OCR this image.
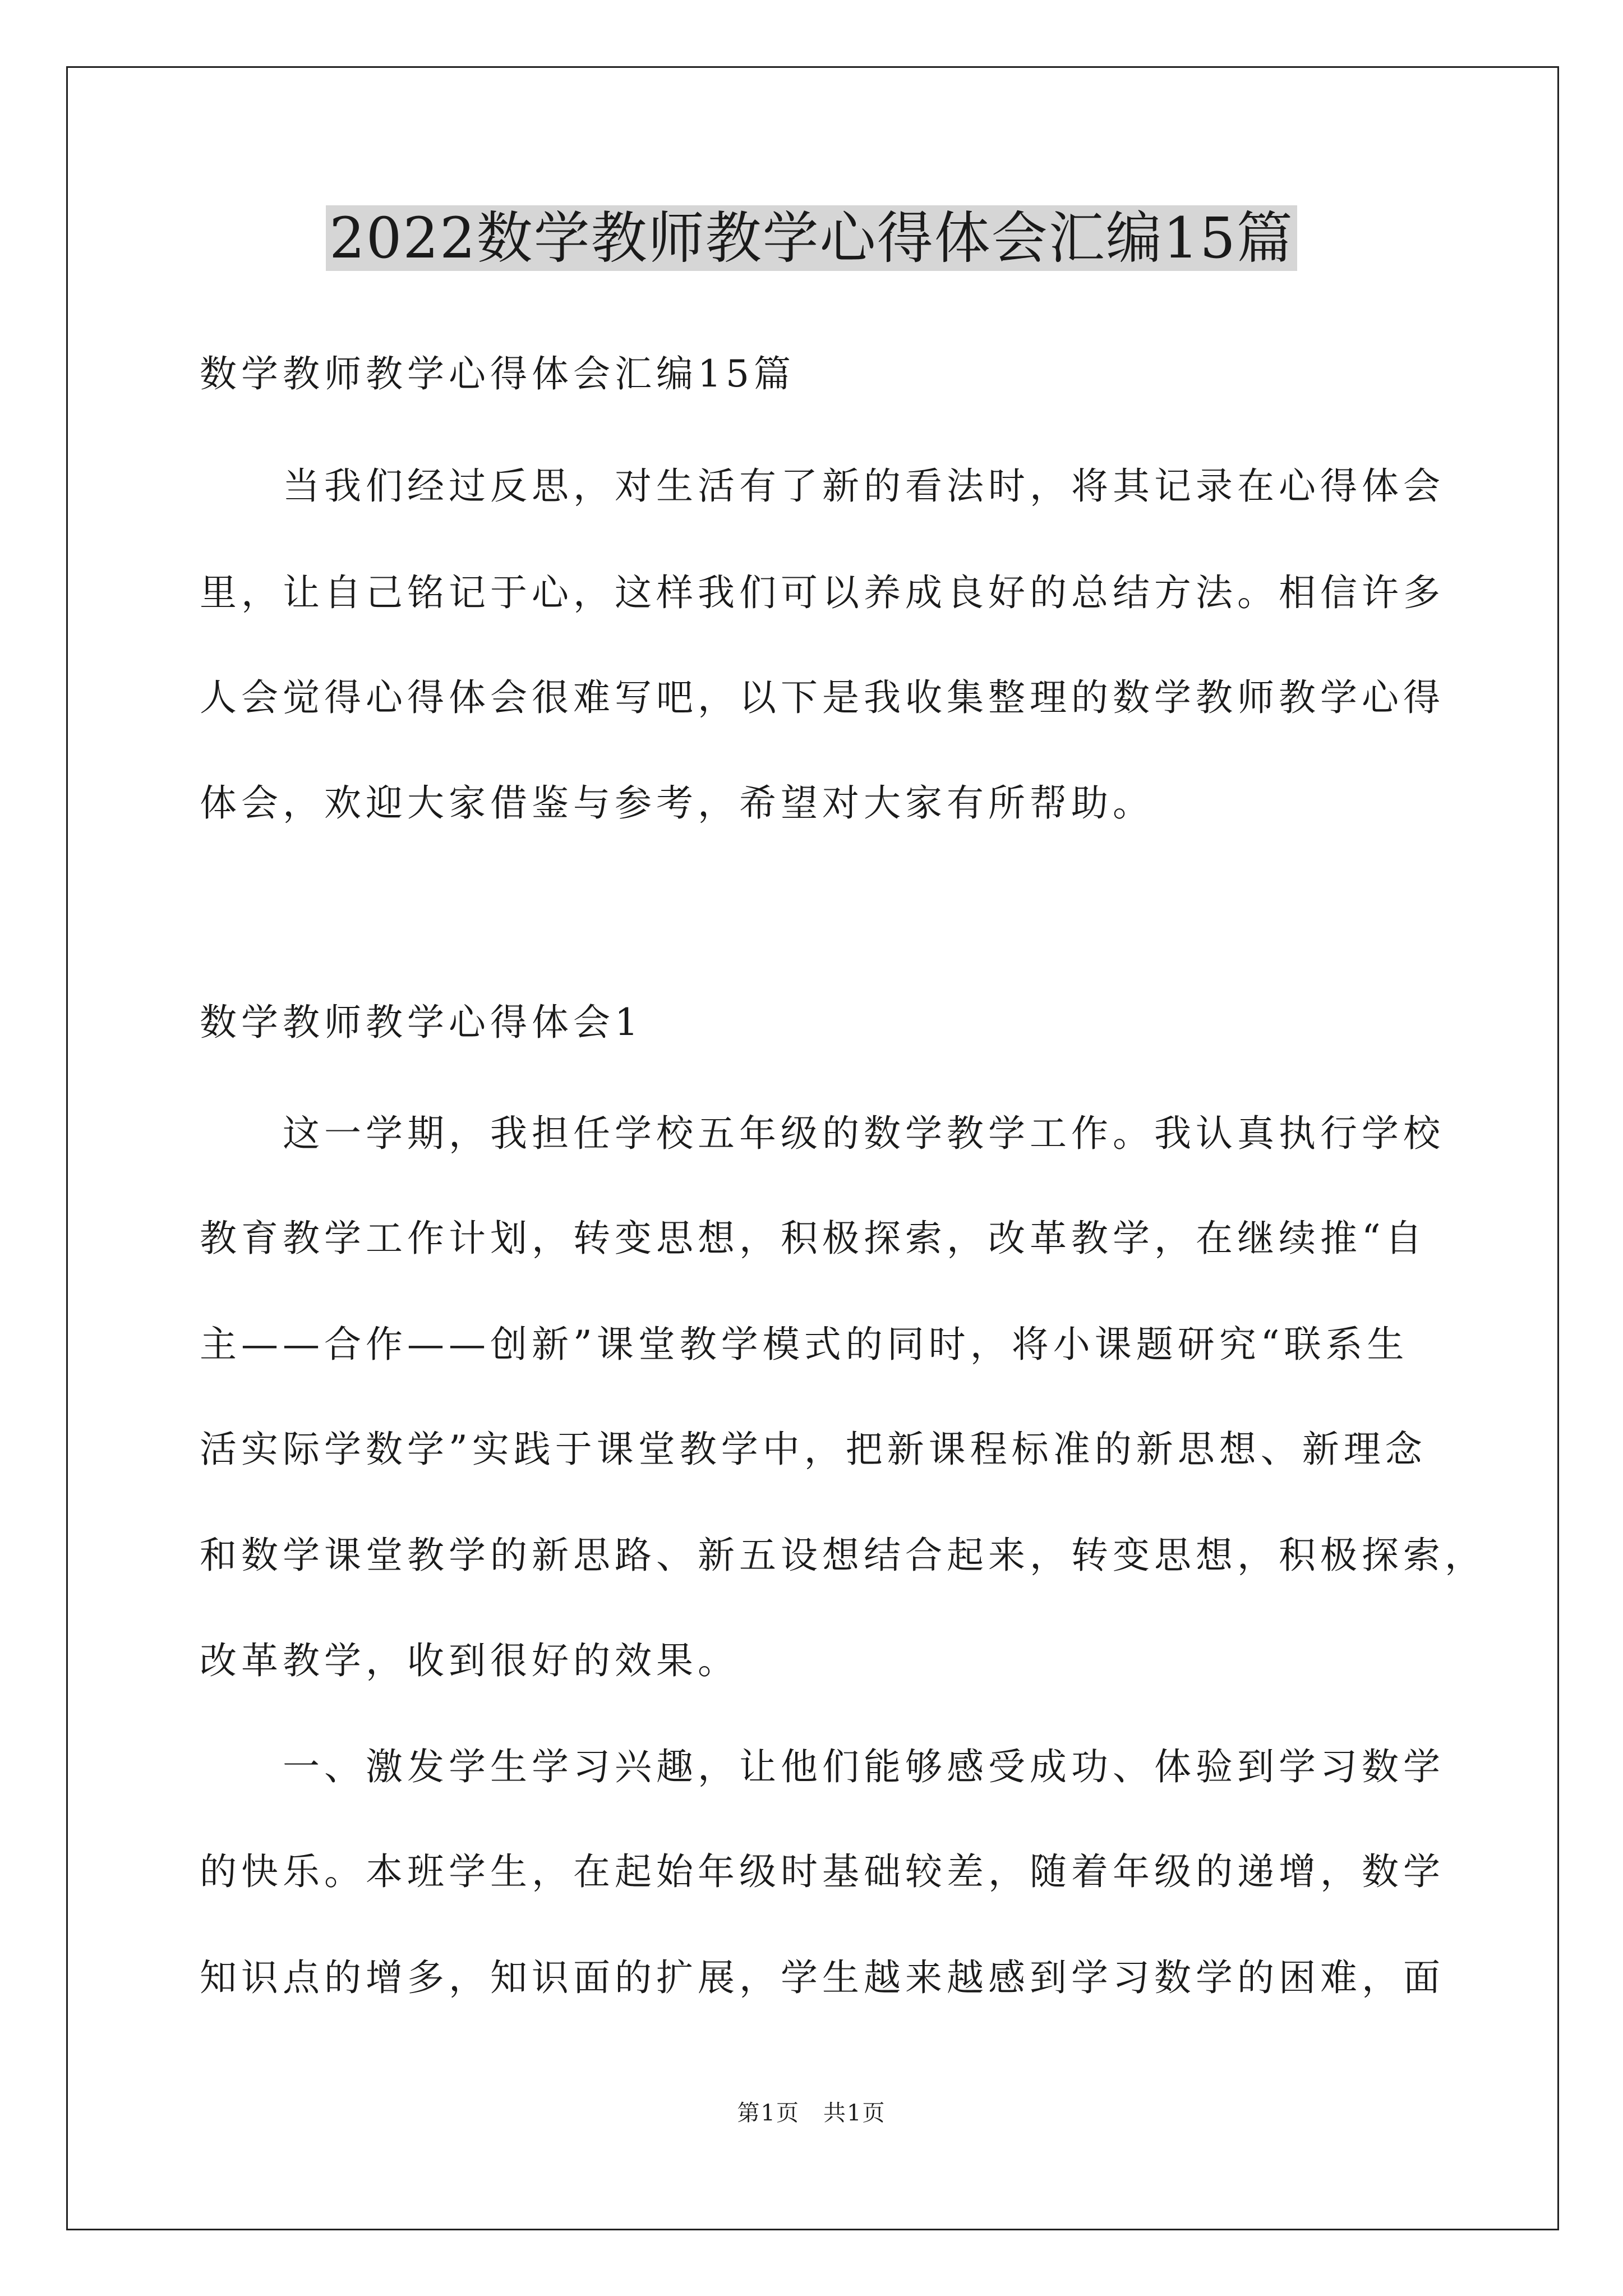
2022数学教师教学心得体会汇编15篇
数学教师教学心得体会汇编15篇
当我们经过反思，对生活有了新的看法时，将其记录在心得体会
里，让自己铭记于心，这样我们可以养成良好的总结方法。相信许多
人会觉得心得体会很难写吧，以下是我收集整理的数学教师教学心得
体会，欢迎大家借鉴与参考，希望对大家有所帮助。
数学教师教学心得体会1
这一学期，我担任学校五年级的数学教学工作。我认真执行学校
教育教学工作计划，转变思想，积极探索，改革教学，在继续推“自
主——合作——创新”课堂教学模式的同时，将小课题研究“联系生
活实际学数学”实践于课堂教学中，把新课程标准的新思想、新理念
和数学课堂教学的新思路、新五设想结合起来，转变思想，积极探索，
改革教学，收到很好的效果。
一、激发学生学习兴趣，让他们能够感受成功、体验到学习数学
的快乐。本班学生，在起始年级时基础较差，随着年级的递增，数学
知识点的增多，知识面的扩展，学生越来越感到学习数学的困难，面
第1页　共1页
